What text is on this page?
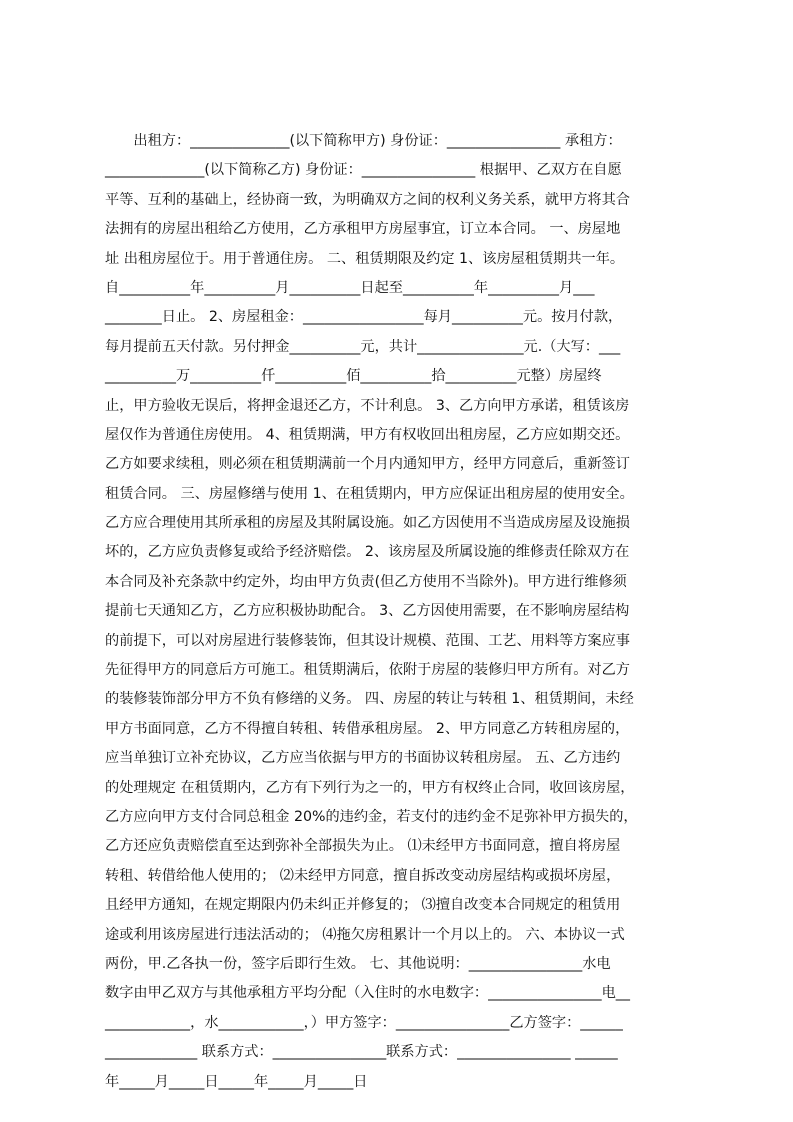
　　出租方：______________(以下简称甲方) 身份证：________________ 承租方：
______________(以下简称乙方) 身份证：________________ 根据甲、乙双方在自愿
平等、互利的基础上，经协商一致，为明确双方之间的权利义务关系，就甲方将其合
法拥有的房屋出租给乙方使用，乙方承租甲方房屋事宜，订立本合同。 一、房屋地
址 出租房屋位于。用于普通住房。 二、租赁期限及约定 1、该房屋租赁期共一年。
自__________年__________月__________日起至__________年__________月___
________日止。 2、房屋租金：_________________每月__________元。按月付款，
每月提前五天付款。另付押金__________元，共计_______________元.（大写：___
__________万__________仟__________佰__________拾__________元整）房屋终
止，甲方验收无误后，将押金退还乙方，不计利息。 3、乙方向甲方承诺，租赁该房
屋仅作为普通住房使用。 4、租赁期满，甲方有权收回出租房屋，乙方应如期交还。
乙方如要求续租，则必须在租赁期满前一个月内通知甲方，经甲方同意后，重新签订
租赁合同。 三、房屋修缮与使用 1、在租赁期内，甲方应保证出租房屋的使用安全。
乙方应合理使用其所承租的房屋及其附属设施。如乙方因使用不当造成房屋及设施损
坏的，乙方应负责修复或给予经济赔偿。 2、该房屋及所属设施的维修责任除双方在
本合同及补充条款中约定外，均由甲方负责(但乙方使用不当除外)。甲方进行维修须
提前七天通知乙方，乙方应积极协助配合。 3、乙方因使用需要，在不影响房屋结构
的前提下，可以对房屋进行装修装饰，但其设计规模、范围、工艺、用料等方案应事
先征得甲方的同意后方可施工。租赁期满后，依附于房屋的装修归甲方所有。对乙方
的装修装饰部分甲方不负有修缮的义务。 四、房屋的转让与转租 1、租赁期间，未经
甲方书面同意，乙方不得擅自转租、转借承租房屋。 2、甲方同意乙方转租房屋的，
应当单独订立补充协议，乙方应当依据与甲方的书面协议转租房屋。 五、乙方违约
的处理规定 在租赁期内，乙方有下列行为之一的，甲方有权终止合同，收回该房屋，
乙方应向甲方支付合同总租金 20%的违约金，若支付的违约金不足弥补甲方损失的，
乙方还应负责赔偿直至达到弥补全部损失为止。 ⑴未经甲方书面同意，擅自将房屋
转租、转借给他人使用的； ⑵未经甲方同意，擅自拆改变动房屋结构或损坏房屋，
且经甲方通知，在规定期限内仍未纠正并修复的； ⑶擅自改变本合同规定的租赁用
途或利用该房屋进行违法活动的； ⑷拖欠房租累计一个月以上的。 六、本协议一式
两份，甲.乙各执一份，签字后即行生效。 七、其他说明：________________水电
数字由甲乙双方与其他承租方平均分配（入住时的水电数字：________________电__
____________，水____________，）甲方签字：________________乙方签字：______
_____________ 联系方式：________________联系方式：________________ ______
年_____月_____日_____年_____月_____日
